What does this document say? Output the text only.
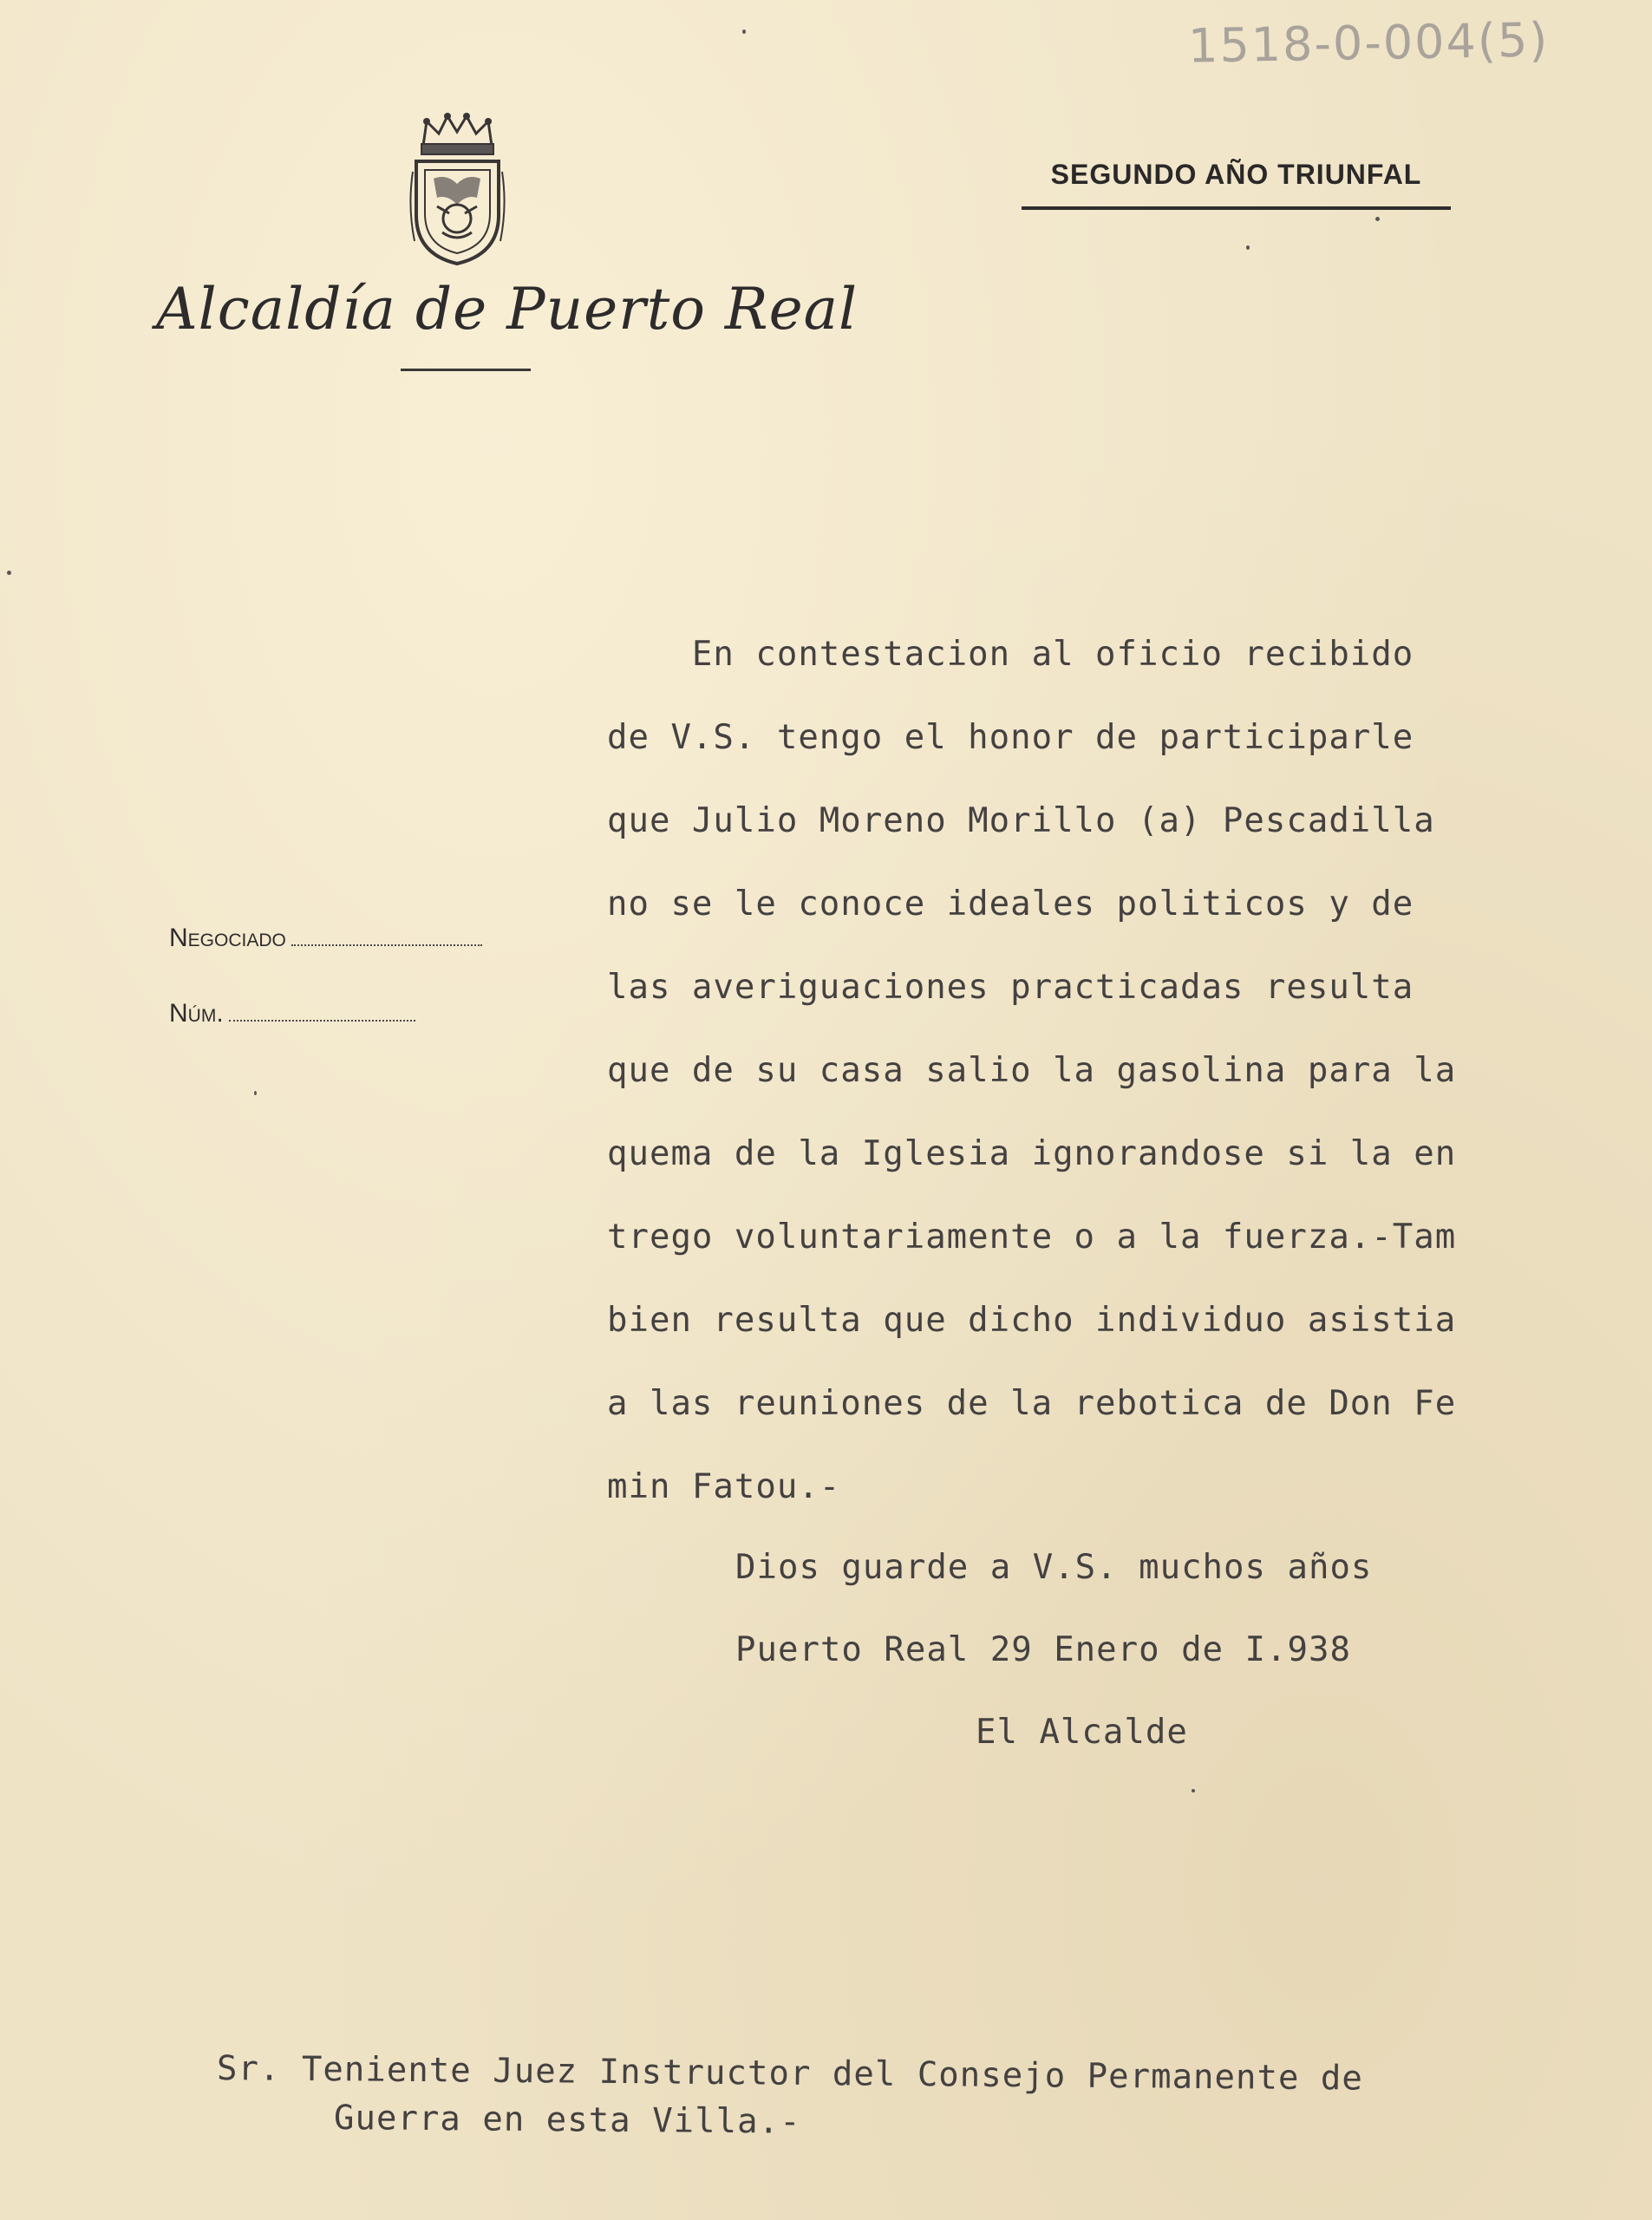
1518-0-004(5)
Alcaldía de Puerto Real
SEGUNDO AÑO TRIUNFAL
Negociado
Núm.
En contestacion al oficio recibido
de V.S. tengo el honor de participarle
que Julio Moreno Morillo (a) Pescadilla
no se le conoce ideales politicos y de
las averiguaciones practicadas resulta
que de su casa salio la gasolina para la
quema de la Iglesia ignorandose si la en
trego voluntariamente o a la fuerza.-Tam
bien resulta que dicho individuo asistia
a las reuniones de la rebotica de Don Fe
min Fatou.-
Dios guarde a V.S. muchos años
Puerto Real 29 Enero de I.938
El Alcalde
Sr. Teniente Juez Instructor del Consejo Permanente de
Guerra en esta Villa.-
